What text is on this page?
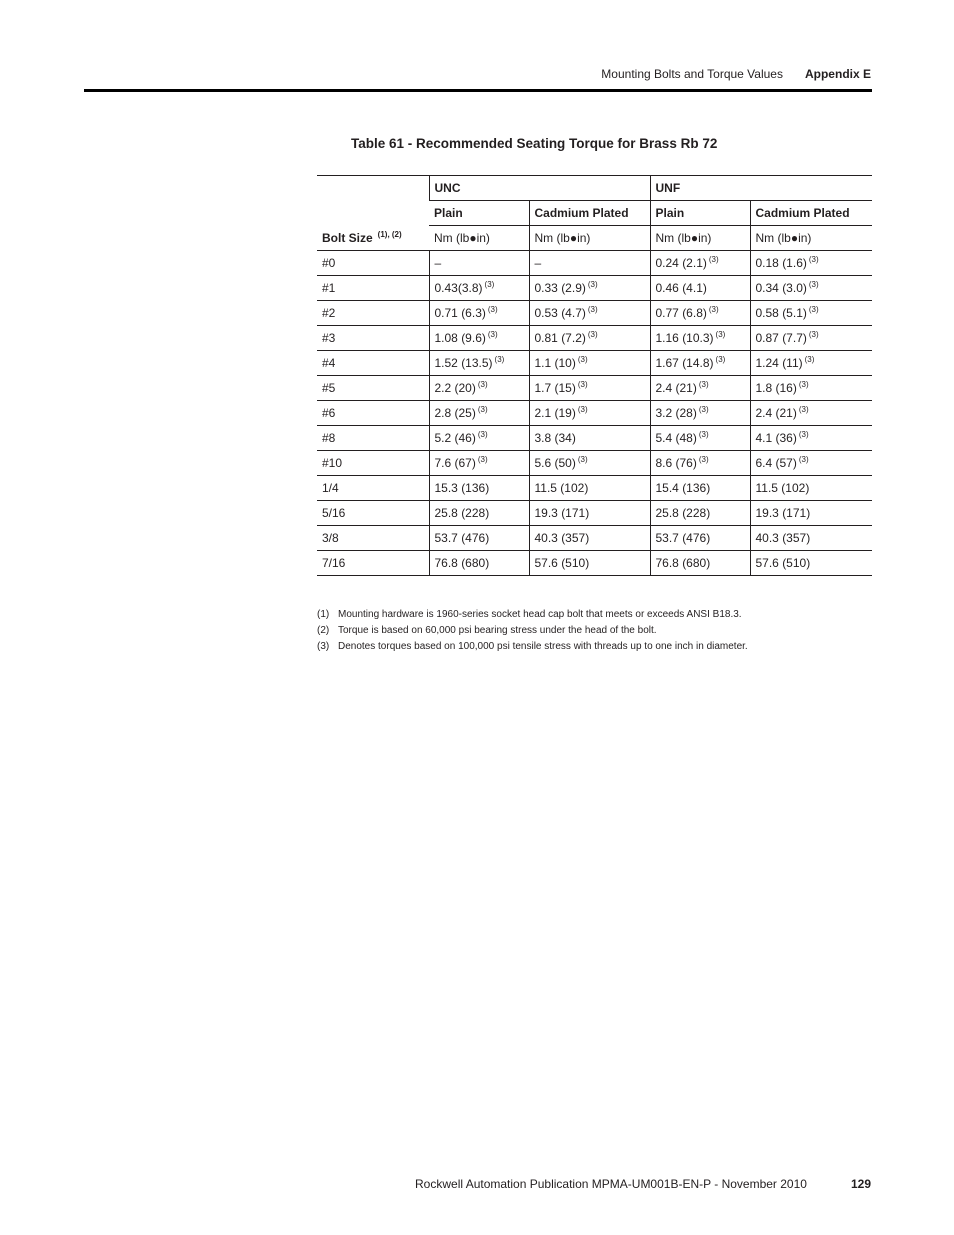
Mounting Bolts and Torque Values Appendix E
Table 61 - Recommended Seating Torque for Brass Rb 72
Bolt Size $^{(1), (2)}$	UNC		UNF	
	Plain	Cadmium Plated	Plain	Cadmium Plated
	Nm (lb●in)	Nm (lb●in)	Nm (lb●in)	Nm (lb●in)
#0	–	–	0.24 (2.1) $^{(3)}$	0.18 (1.6) $^{(3)}$
#1	0.43(3.8) $^{(3)}$	0.33 (2.9) $^{(3)}$	0.46 (4.1)	0.34 (3.0) $^{(3)}$
#2	0.71 (6.3) $^{(3)}$	0.53 (4.7) $^{(3)}$	0.77 (6.8) $^{(3)}$	0.58 (5.1) $^{(3)}$
#3	1.08 (9.6) $^{(3)}$	0.81 (7.2) $^{(3)}$	1.16 (10.3) $^{(3)}$	0.87 (7.7) $^{(3)}$
#4	1.52 (13.5) $^{(3)}$	1.1 (10) $^{(3)}$	1.67 (14.8) $^{(3)}$	1.24 (11) $^{(3)}$
#5	2.2 (20) $^{(3)}$	1.7 (15) $^{(3)}$	2.4 (21) $^{(3)}$	1.8 (16) $^{(3)}$
#6	2.8 (25) $^{(3)}$	2.1 (19) $^{(3)}$	3.2 (28) $^{(3)}$	2.4 (21) $^{(3)}$
#8	5.2 (46) $^{(3)}$	3.8 (34)	5.4 (48) $^{(3)}$	4.1 (36) $^{(3)}$
#10	7.6 (67) $^{(3)}$	5.6 (50) $^{(3)}$	8.6 (76) $^{(3)}$	6.4 (57) $^{(3)}$
1/4	15.3 (136)	11.5 (102)	15.4 (136)	11.5 (102)
5/16	25.8 (228)	19.3 (171)	25.8 (228)	19.3 (171)
3/8	53.7 (476)	40.3 (357)	53.7 (476)	40.3 (357)
7/16	76.8 (680)	57.6 (510)	76.8 (680)	57.6 (510)
(1) Mounting hardware is 1960-series socket head cap bolt that meets or exceeds ANSI B18.3.
(2) Torque is based on 60,000 psi bearing stress under the head of the bolt.
(3) Denotes torques based on 100,000 psi tensile stress with threads up to one inch in diameter.
Rockwell Automation Publication MPMA-UM001B-EN-P - November 2010	129
